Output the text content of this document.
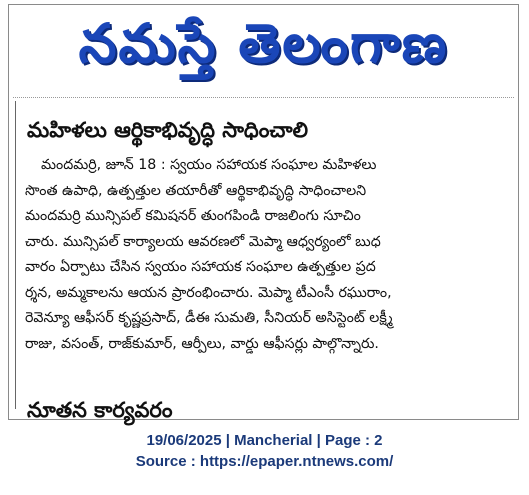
నమస్తే తెలంగాణ
మహిళలు ఆర్థికాభివృద్ధి సాధించాలి
మందమర్రి, జూన్ 18 : స్వయం సహాయక సంఘాల మహిళలు
సొంత ఉపాధి, ఉత్పత్తుల తయారీతో ఆర్థికాభివృద్ధి సాధించాలని
మందమర్రి మున్సిపల్ కమిషనర్ తుంగపిండి రాజలింగు సూచిం
చారు. మున్సిపల్ కార్యాలయ ఆవరణలో మెప్మా ఆధ్వర్యంలో బుధ
వారం ఏర్పాటు చేసిన స్వయం సహాయక సంఘాల ఉత్పత్తుల ప్రద
ర్శన, అమ్మకాలను ఆయన ప్రారంభించారు. మెప్మా టీఎంసీ రఘురాం,
రెవెన్యూ ఆఫీసర్ కృష్ణప్రసాద్, డీఈ సుమతి, సీనియర్ అసిస్టెంట్ లక్ష్మీ
రాజు, వసంత్, రాజ్‌కుమార్, ఆర్పీలు, వార్డు ఆఫీసర్లు పాల్గొన్నారు.
నూతన కార్యవరం
19/06/2025 | Mancherial | Page : 2
Source : https://epaper.ntnews.com/
